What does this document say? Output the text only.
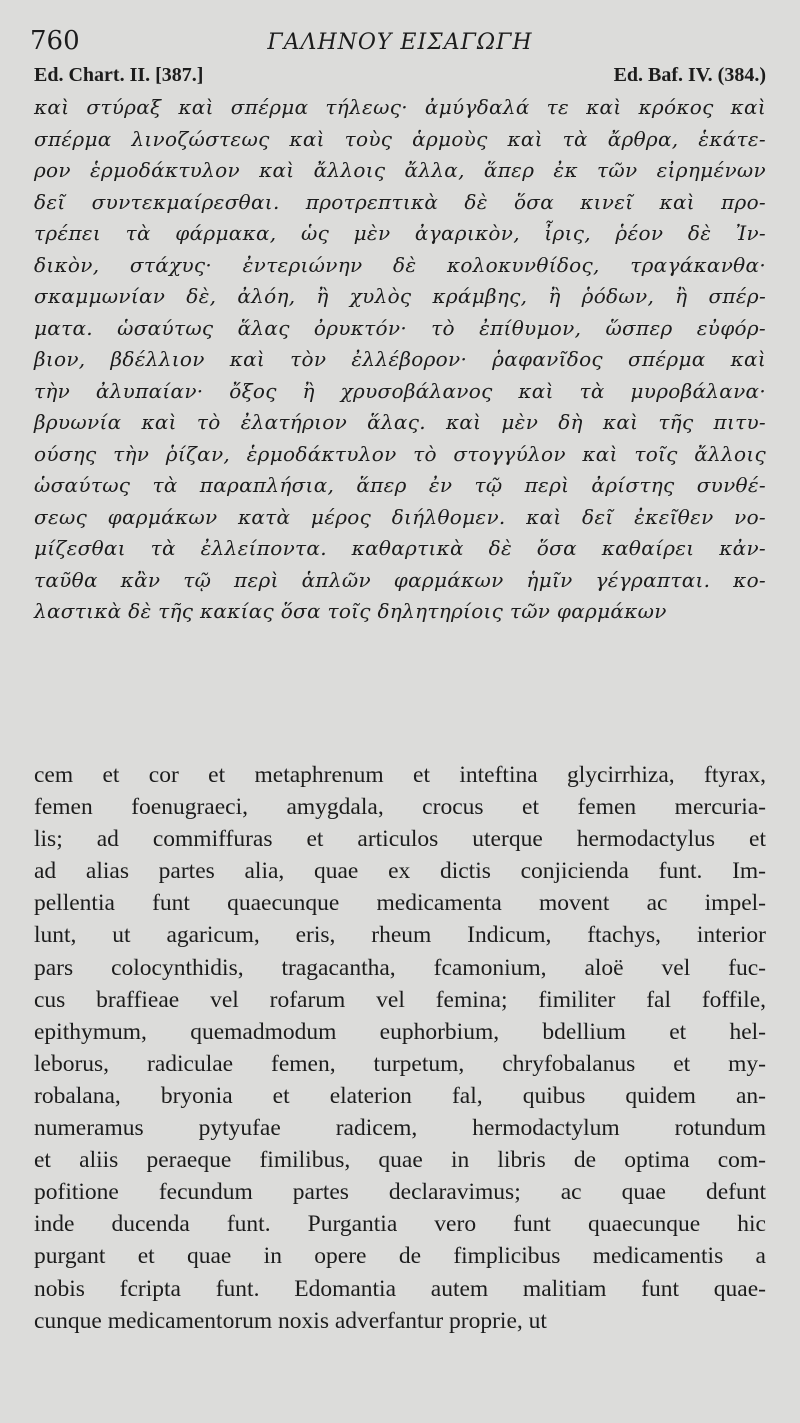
760	ΓΑΛΗΝΟΥ ΕΙΣΑΓΩΓΗ
Ed. Chart. II. [387.]	Ed. Baf. IV. (384.)
καὶ στύραξ καὶ σπέρμα τήλεως· ἀμύγδαλά τε καὶ κρόκος καὶ
σπέρμα λινοζώστεως καὶ τοὺς ἁρμοὺς καὶ τὰ ἄρθρα, ἑκάτε-
ρον ἑρμοδάκτυλον καὶ ἄλλοις ἄλλα, ἅπερ ἐκ τῶν εἰρημένων
δεῖ συντεκμαίρεσθαι. προτρεπτικὰ δὲ ὅσα κινεῖ καὶ προ-
τρέπει τὰ φάρμακα, ὡς μὲν ἀγαρικὸν, ἶρις, ῥέον δὲ Ἰν-
δικὸν, στάχυς· ἐντεριώνην δὲ κολοκυνθίδος, τραγάκανθα·
σκαμμωνίαν δὲ, ἀλόη, ἢ χυλὸς κράμβης, ἢ ῥόδων, ἢ σπέρ-
ματα. ὡσαύτως ἅλας ὀρυκτόν· τὸ ἐπίθυμον, ὥσπερ εὐφόρ-
βιον, βδέλλιον καὶ τὸν ἐλλέβορον· ῥαφανῖδος σπέρμα καὶ
τὴν ἀλυπαίαν· ὄξος ἢ χρυσοβάλανος καὶ τὰ μυροβάλανα·
βρυωνία καὶ τὸ ἐλατήριον ἅλας. καὶ μὲν δὴ καὶ τῆς πιτυ-
ούσης τὴν ῥίζαν, ἑρμοδάκτυλον τὸ στογγύλον καὶ τοῖς ἄλλοις
ὡσαύτως τὰ παραπλήσια, ἅπερ ἐν τῷ περὶ ἀρίστης συνθέ-
σεως φαρμάκων κατὰ μέρος διήλθομεν. καὶ δεῖ ἐκεῖθεν νο-
μίζεσθαι τὰ ἐλλείποντα. καθαρτικὰ δὲ ὅσα καθαίρει κἀν-
ταῦθα κἂν τῷ περὶ ἁπλῶν φαρμάκων ἡμῖν γέγραπται. κο-
λαστικὰ δὲ τῆς κακίας ὅσα τοῖς δηλητηρίοις τῶν φαρμάκων
cem et cor et metaphrenum et inteftina glycirrhiza, ftyrax,
femen foenugraeci, amygdala, crocus et femen mercuria-
lis; ad commiffuras et articulos uterque hermodactylus et
ad alias partes alia, quae ex dictis conjicienda funt. Im-
pellentia funt quaecunque medicamenta movent ac impel-
lunt, ut agaricum, eris, rheum Indicum, ftachys, interior
pars colocynthidis, tragacantha, fcamonium, aloë vel fuc-
cus braffieae vel rofarum vel femina; fimiliter fal foffile,
epithymum, quemadmodum euphorbium, bdellium et hel-
leborus, radiculae femen, turpetum, chryfobalanus et my-
robalana, bryonia et elaterion fal, quibus quidem an-
numeramus pytyufae radicem, hermodactylum rotundum
et aliis peraeque fimilibus, quae in libris de optima com-
pofitione fecundum partes declaravimus; ac quae defunt
inde ducenda funt. Purgantia vero funt quaecunque hic
purgant et quae in opere de fimplicibus medicamentis a
nobis fcripta funt. Edomantia autem malitiam funt quae-
cunque medicamentorum noxis adverfantur proprie, ut
